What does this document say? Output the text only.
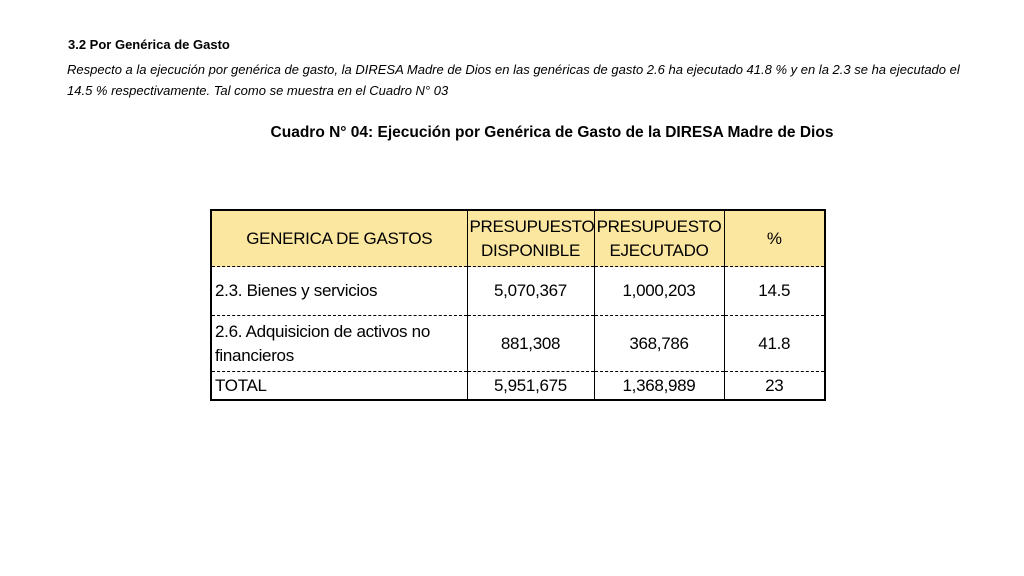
3.2 Por Genérica de Gasto

Respecto a la ejecución por genérica de gasto, la DIRESA Madre de Dios en las genéricas de gasto 2.6 ha ejecutado 41.8 % y en la 2.3 se ha ejecutado el 14.5 % respectivamente. Tal como se muestra en el Cuadro N° 03

Cuadro N° 04: Ejecución por Genérica de Gasto de la DIRESA Madre de Dios

GENERICA DE GASTOS	PRESUPUESTO DISPONIBLE	PRESUPUESTO EJECUTADO	%
2.3. Bienes y servicios	5,070,367	1,000,203	14.5
2.6. Adquisicion de activos no financieros	881,308	368,786	41.8
TOTAL	5,951,675	1,368,989	23
